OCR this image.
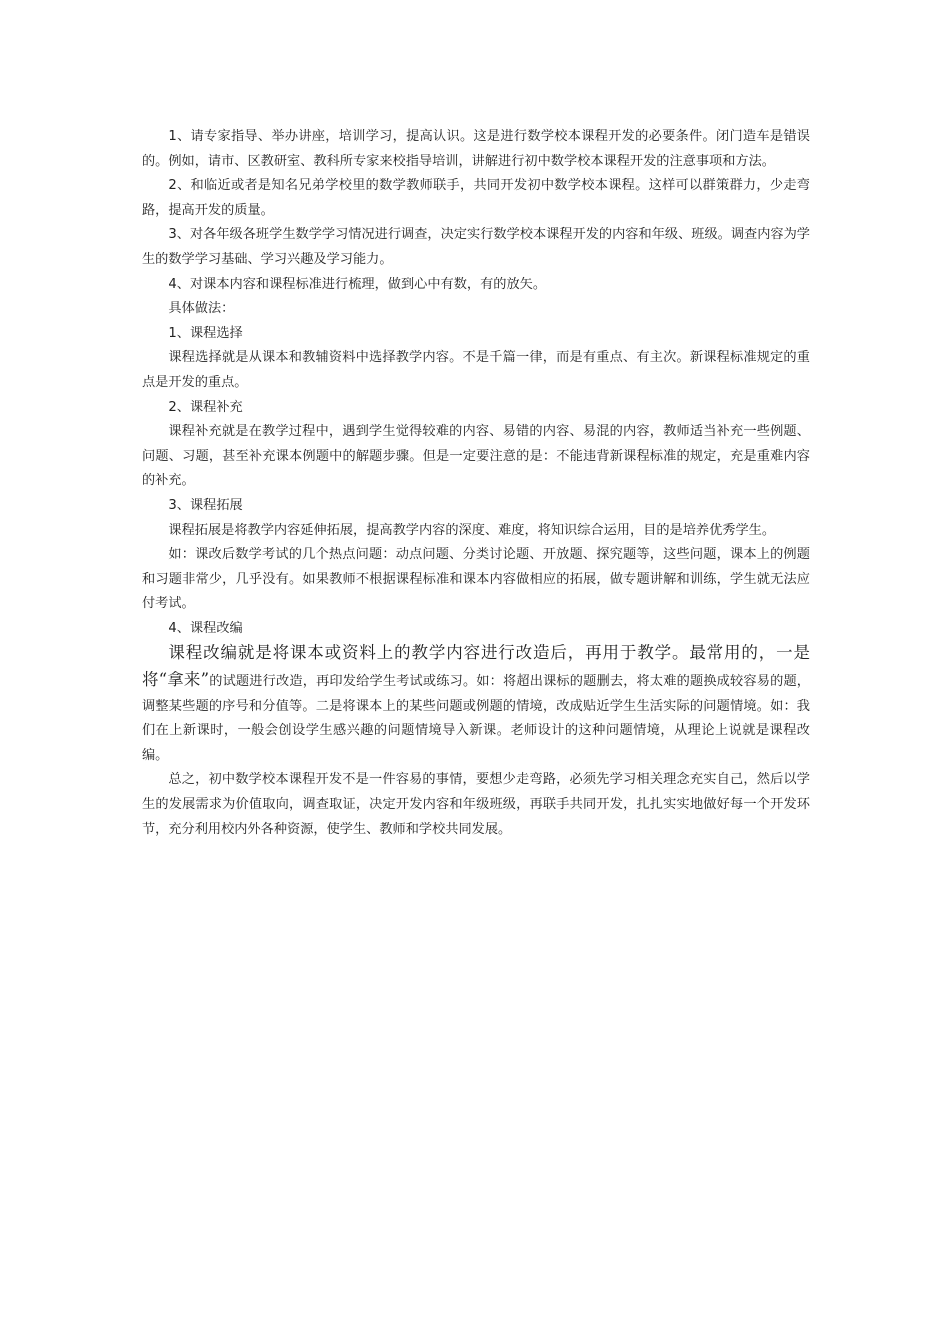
1、请专家指导、举办讲座，培训学习，提高认识。这是进行数学校本课程开发的必要条件。闭门造车是错误的。例如，请市、区教研室、教科所专家来校指导培训，讲解进行初中数学校本课程开发的注意事项和方法。

2、和临近或者是知名兄弟学校里的数学教师联手，共同开发初中数学校本课程。这样可以群策群力，少走弯路，提高开发的质量。

3、对各年级各班学生数学学习情况进行调查，决定实行数学校本课程开发的内容和年级、班级。调查内容为学生的数学学习基础、学习兴趣及学习能力。

4、对课本内容和课程标准进行梳理，做到心中有数，有的放矢。

具体做法：

1、课程选择

课程选择就是从课本和教辅资料中选择教学内容。不是千篇一律，而是有重点、有主次。新课程标准规定的重点是开发的重点。

2、课程补充

课程补充就是在教学过程中，遇到学生觉得较难的内容、易错的内容、易混的内容，教师适当补充一些例题、问题、习题，甚至补充课本例题中的解题步骤。但是一定要注意的是：不能违背新课程标准的规定，充是重难内容的补充。

3、课程拓展

课程拓展是将教学内容延伸拓展，提高教学内容的深度、难度，将知识综合运用，目的是培养优秀学生。

如：课改后数学考试的几个热点问题：动点问题、分类讨论题、开放题、探究题等，这些问题，课本上的例题和习题非常少，几乎没有。如果教师不根据课程标准和课本内容做相应的拓展，做专题讲解和训练，学生就无法应付考试。

4、课程改编

课程改编就是将课本或资料上的教学内容进行改造后，再用于教学。最常用的，一是将“拿来”的试题进行改造，再印发给学生考试或练习。如：将超出课标的题删去，将太难的题换成较容易的题，调整某些题的序号和分值等。二是将课本上的某些问题或例题的情境，改成贴近学生生活实际的问题情境。如：我们在上新课时，一般会创设学生感兴趣的问题情境导入新课。老师设计的这种问题情境，从理论上说就是课程改编。

总之，初中数学校本课程开发不是一件容易的事情，要想少走弯路，必须先学习相关理念充实自己，然后以学生的发展需求为价值取向，调查取证，决定开发内容和年级班级，再联手共同开发，扎扎实实地做好每一个开发环节，充分利用校内外各种资源，使学生、教师和学校共同发展。
